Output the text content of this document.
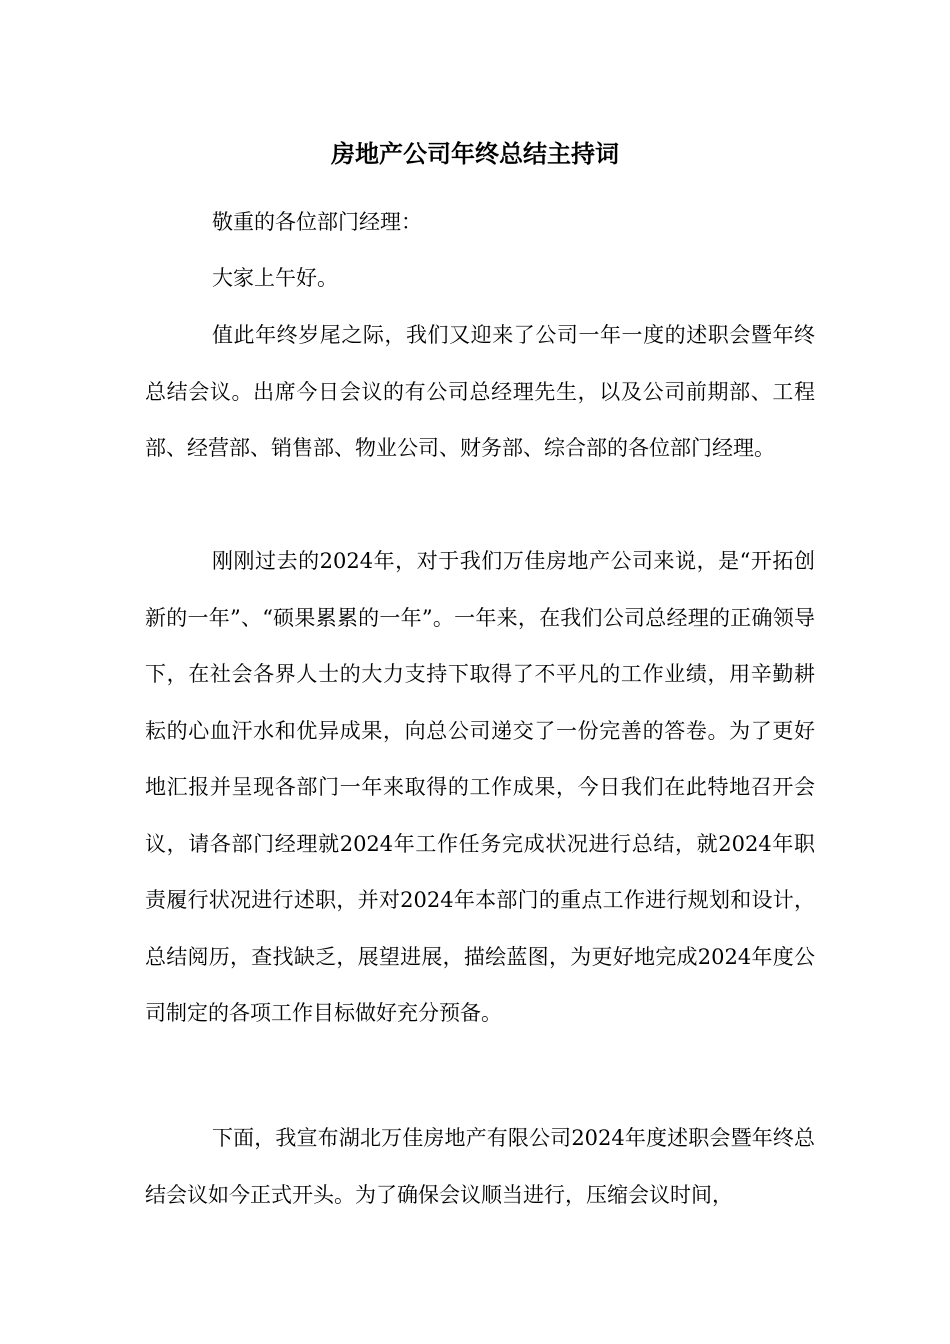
房地产公司年终总结主持词
敬重的各位部门经理：
大家上午好。

值此年终岁尾之际，我们又迎来了公司一年一度的述职会暨年终总结会议。出席今日会议的有公司总经理先生，以及公司前期部、工程部、经营部、销售部、物业公司、财务部、综合部的各位部门经理。

刚刚过去的2024年，对于我们万佳房地产公司来说，是“开拓创新的一年”、“硕果累累的一年”。一年来，在我们公司总经理的正确领导下，在社会各界人士的大力支持下取得了不平凡的工作业绩，用辛勤耕耘的心血汗水和优异成果，向总公司递交了一份完善的答卷。为了更好地汇报并呈现各部门一年来取得的工作成果，今日我们在此特地召开会议，请各部门经理就2024年工作任务完成状况进行总结，就2024年职责履行状况进行述职，并对2024年本部门的重点工作进行规划和设计，总结阅历，查找缺乏，展望进展，描绘蓝图，为更好地完成2024年度公司制定的各项工作目标做好充分预备。

下面，我宣布湖北万佳房地产有限公司2024年度述职会暨年终总结会议如今正式开头。为了确保会议顺当进行，压缩会议时间，
